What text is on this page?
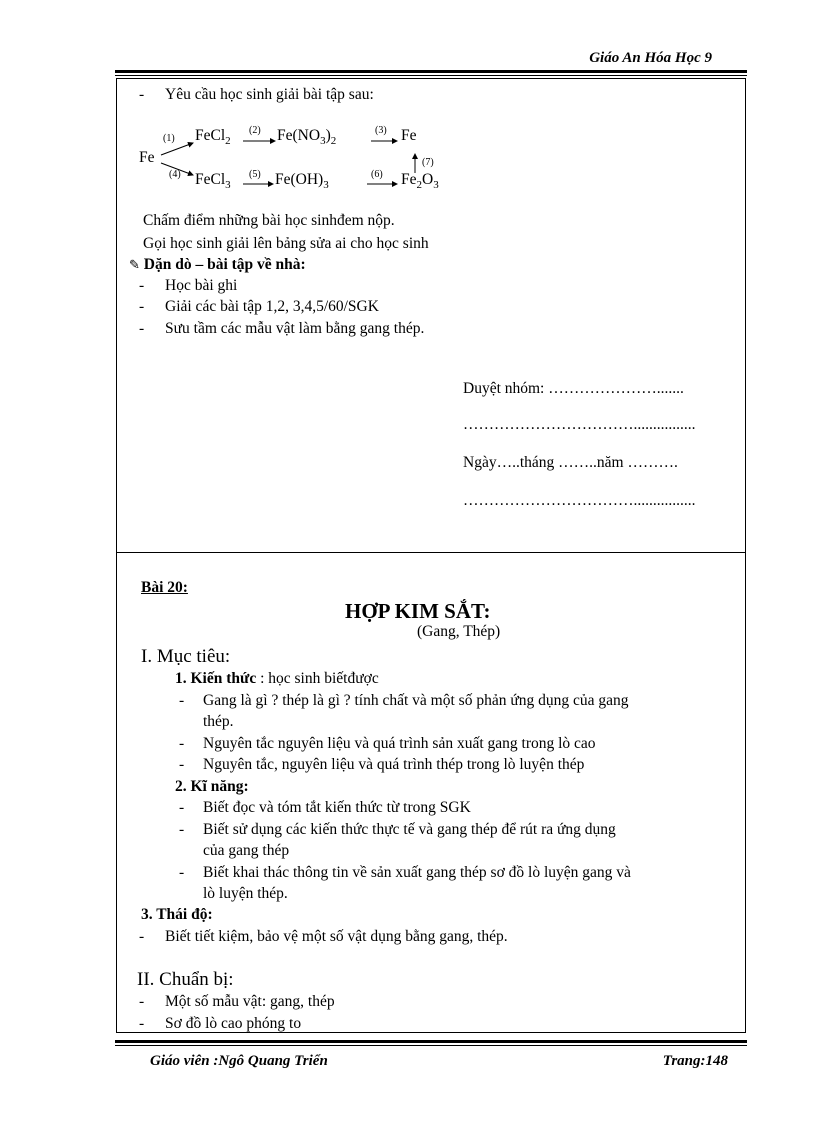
Giáo An Hóa Học 9
- Yêu cầu học sinh giải bài tập sau:
Fe
(1)
(4)
FeCl$_2$
(2) $Fe(NO_3)_2$
(3) Fe
(7)
FeCl$_3$
(5) $Fe(OH)_3$
(6) $Fe_2O_3$
Chấm điểm những bài học sinhđem nộp.
Gọi học sinh giải lên bảng sửa ai cho học sinh
✎ Dặn dò – bài tập về nhà:
- Học bài ghi
- Giải các bài tập 1,2, 3,4,5/60/SGK
- Sưu tầm các mẫu vật làm bằng gang thép.
Duyệt nhóm: ………………….......
……………………………................
Ngày…..tháng ……..năm ……….
……………………………................
Bài 20:
HỢP KIM SẮT:
(Gang, Thép)
I. Mục tiêu:
1. Kiến thức : học sinh biếtđược
- Gang là gì ? thép là gì ? tính chất và một số phản ứng dụng của gang
thép.
- Nguyên tắc nguyên liệu và quá trình sản xuất gang trong lò cao
- Nguyên tắc, nguyên liệu và quá trình thép trong lò luyện thép
2. Kĩ năng:
- Biết đọc và tóm tắt kiến thức từ trong SGK
- Biết sử dụng các kiến thức thực tế và gang thép để rút ra ứng dụng
của gang thép
- Biết khai thác thông tin về sản xuất gang thép sơ đồ lò luyện gang và
lò luyện thép.
3. Thái độ:
- Biết tiết kiệm, bảo vệ một số vật dụng bằng gang, thép.
II. Chuẩn bị:
- Một số mẫu vật: gang, thép
- Sơ đồ lò cao phóng to
Giáo viên :Ngô Quang Triển	Trang:148
